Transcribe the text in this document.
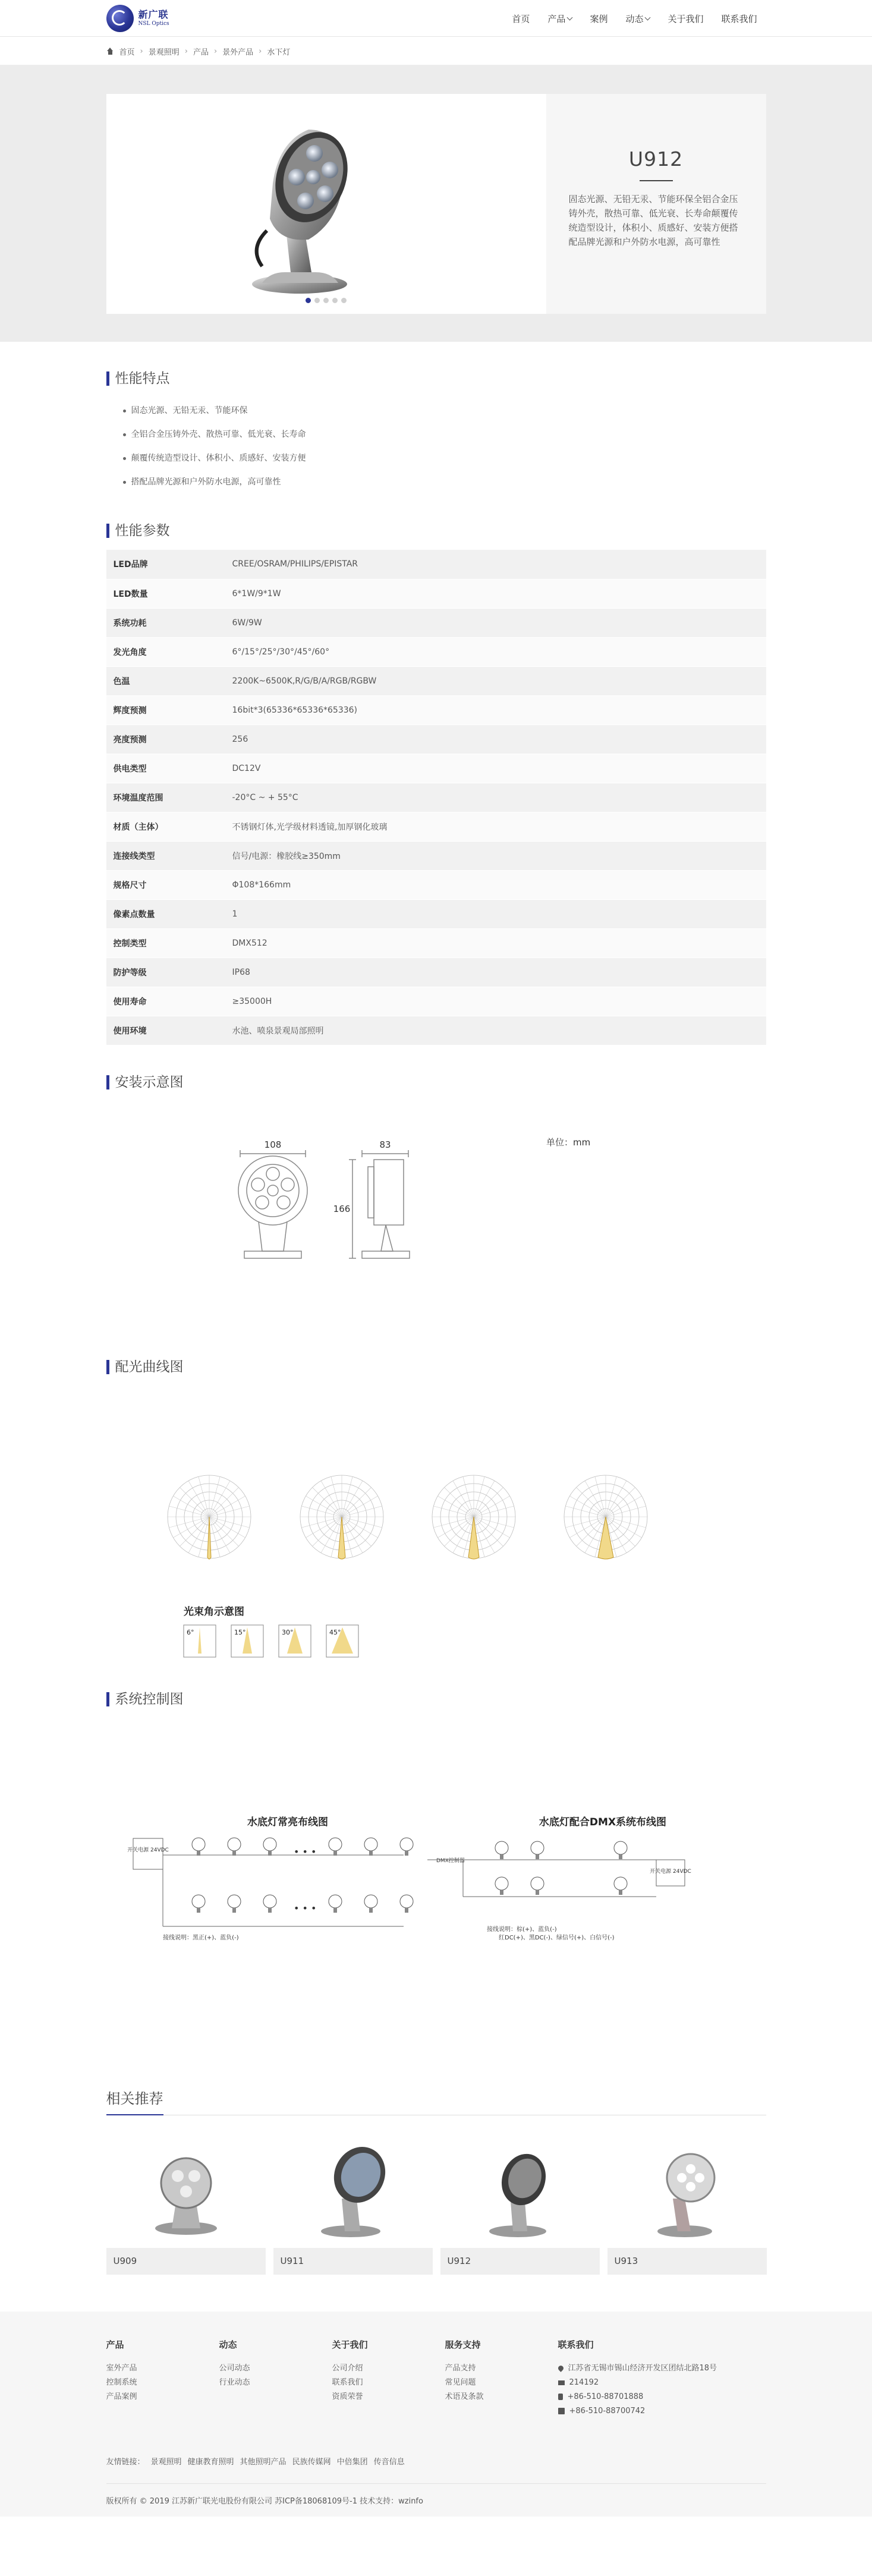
新广联
NSL Optics	首页 产品	案例 动态	关于我们 联系我们
首页 › 景观照明 › 产品 › 景外产品 › 水下灯
U912

固态光源、无铅无汞、节能环保全铝合金压铸外壳，散热可靠、低光衰、长寿命颠覆传统造型设计，体积小、质感好、安装方便搭配品牌光源和户外防水电源，高可靠性

性能特点
固态光源、无铅无汞、节能环保
全铝合金压铸外壳、散热可靠、低光衰、长寿命
颠覆传统造型设计、体积小、质感好、安装方便
搭配品牌光源和户外防水电源，高可靠性
性能参数
LED品牌	CREE/OSRAM/PHILIPS/EPISTAR
LED数量	6*1W/9*1W
系统功耗	6W/9W
发光角度	6°/15°/25°/30°/45°/60°
色温	2200K~6500K,R/G/B/A/RGB/RGBW
辉度预测	16bit*3(65336*65336*65336)
亮度预测	256
供电类型	DC12V
环境温度范围	-20°C ~ + 55°C
材质（主体）	不锈钢灯体,光学级材料透镜,加厚钢化玻璃
连接线类型	信号/电源：橡胶线≥350mm
规格尺寸	Φ108*166mm
像素点数量	1
控制类型	DMX512
防护等级	IP68
使用寿命	≥35000H
使用环境	水池、喷泉景观局部照明
安装示意图
108	83
166
单位：mm
配光曲线图
光束角示意图
6°	15°	30°	45°
系统控制图
水底灯常亮布线图	水底灯配合DMX系统布线图
开关电源 24VDC
开关电源 24VDC
接线说明：黑正(+)、蓝负(-)
接线说明：棕(+)、蓝负(-)
红DC(+)、黑DC(-)、绿信号(+)、白信号(-)
DMX控制器
• • •
• • •
相关推荐
U909	U911	U912	U913
产品
室外产品
控制系统
产品案例
动态
公司动态
行业动态
关于我们
公司介绍
联系我们
资质荣誉
服务支持
产品支持
常见问题
术语及条款
联系我们
江苏省无锡市锡山经济开发区团结北路18号
214192
+86-510-88701888
+86-510-88700742
友情链接： 景观照明 健康教育照明 其他照明产品 民族传媒网 中倍集团 传音信息
版权所有 © 2019 江苏新广联光电股份有限公司 苏ICP备18068109号-1 技术支持：wzinfo
